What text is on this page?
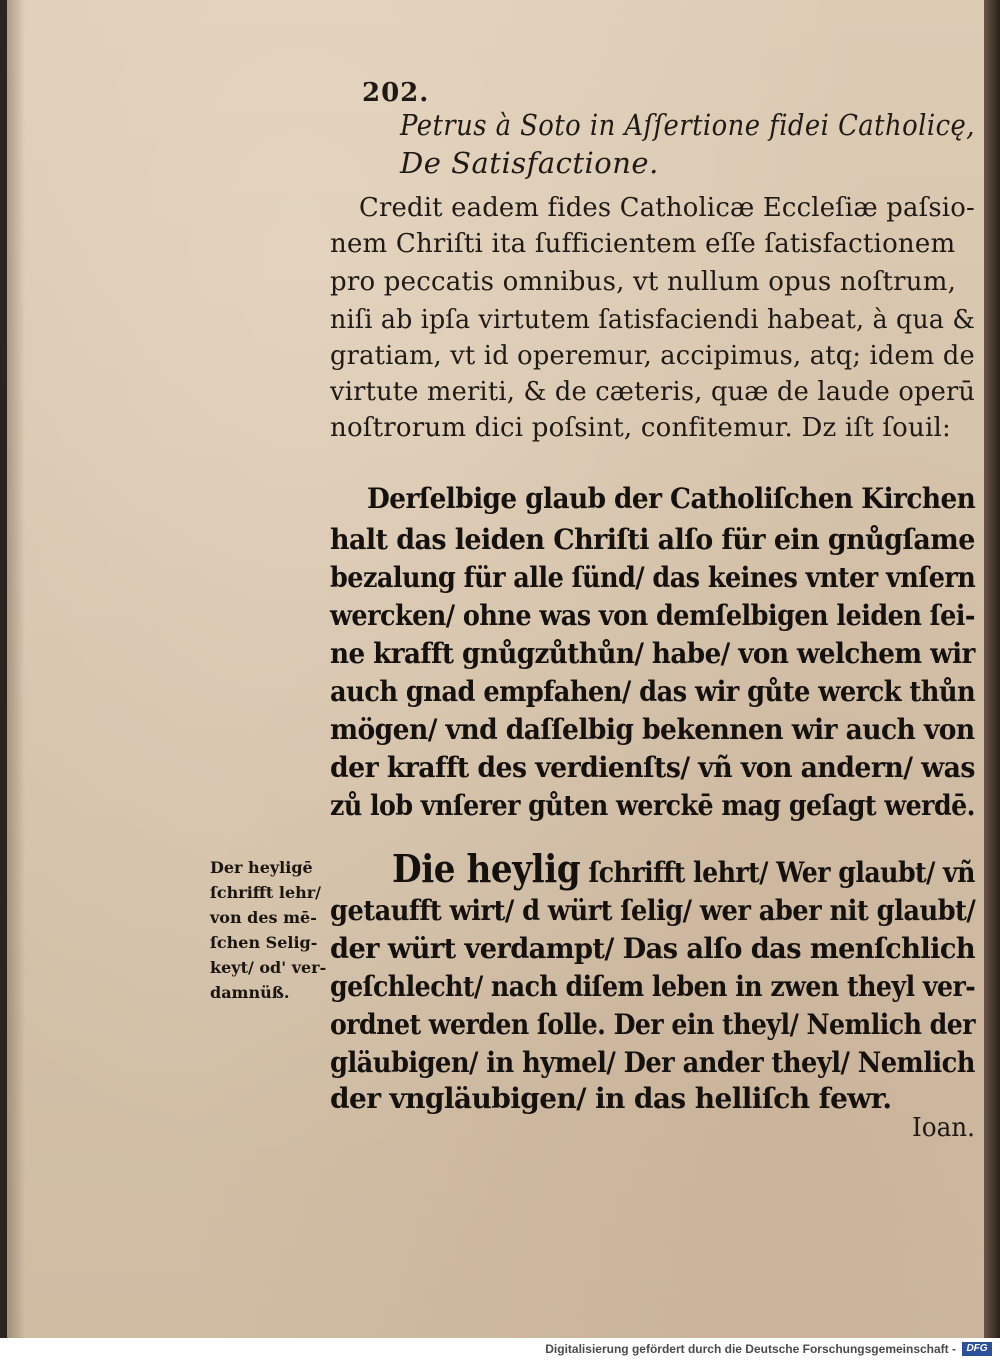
202.
Petrus à Soto in Aſſertione fidei Catholicę,
De Satisfactione.
Credit eadem fides Catholicæ Eccleſiæ paſsio-
nem Chriſti ita ſufficientem eſſe ſatisfactionem
pro peccatis omnibus, vt nullum opus noſtrum,
niſi ab ipſa virtutem ſatisfaciendi habeat, à qua &
gratiam, vt id operemur, accipimus, atq; idem de
virtute meriti, & de cæteris, quæ de laude operū
noſtrorum dici poſsint, confitemur. Dz iſt ſouil:
Derſelbige glaub der Catholiſchen Kirchen
halt das leiden Chriſti alſo für ein gnůgſame
bezalung für alle ſünd/ das keines vnter vnſern
wercken/ ohne was von demſelbigen leiden ſei-
ne krafft gnůgzůthůn/ habe/ von welchem wir
auch gnad empfahen/ das wir gůte werck thůn
mögen/ vnd daſſelbig bekennen wir auch von
der krafft des verdienſts/ vñ von andern/ was
zů lob vnſerer gůten werckē mag geſagt werdē.
Der heyligē
ſchrifft lehr/
von des mē-
ſchen Selig-
keyt/ od' ver-
damnüß.
Die heylig ſchrifft lehrt/ Wer glaubt/ vñ
getaufft wirt/ d würt ſelig/ wer aber nit glaubt/
der würt verdampt/ Das alſo das menſchlich
geſchlecht/ nach diſem leben in zwen theyl ver-
ordnet werden ſolle. Der ein theyl/ Nemlich der
gläubigen/ in hymel/ Der ander theyl/ Nemlich
der vngläubigen/ in das helliſch fewr.
Ioan.
Digitalisierung gefördert durch die Deutsche Forschungsgemeinschaft -	DFG
